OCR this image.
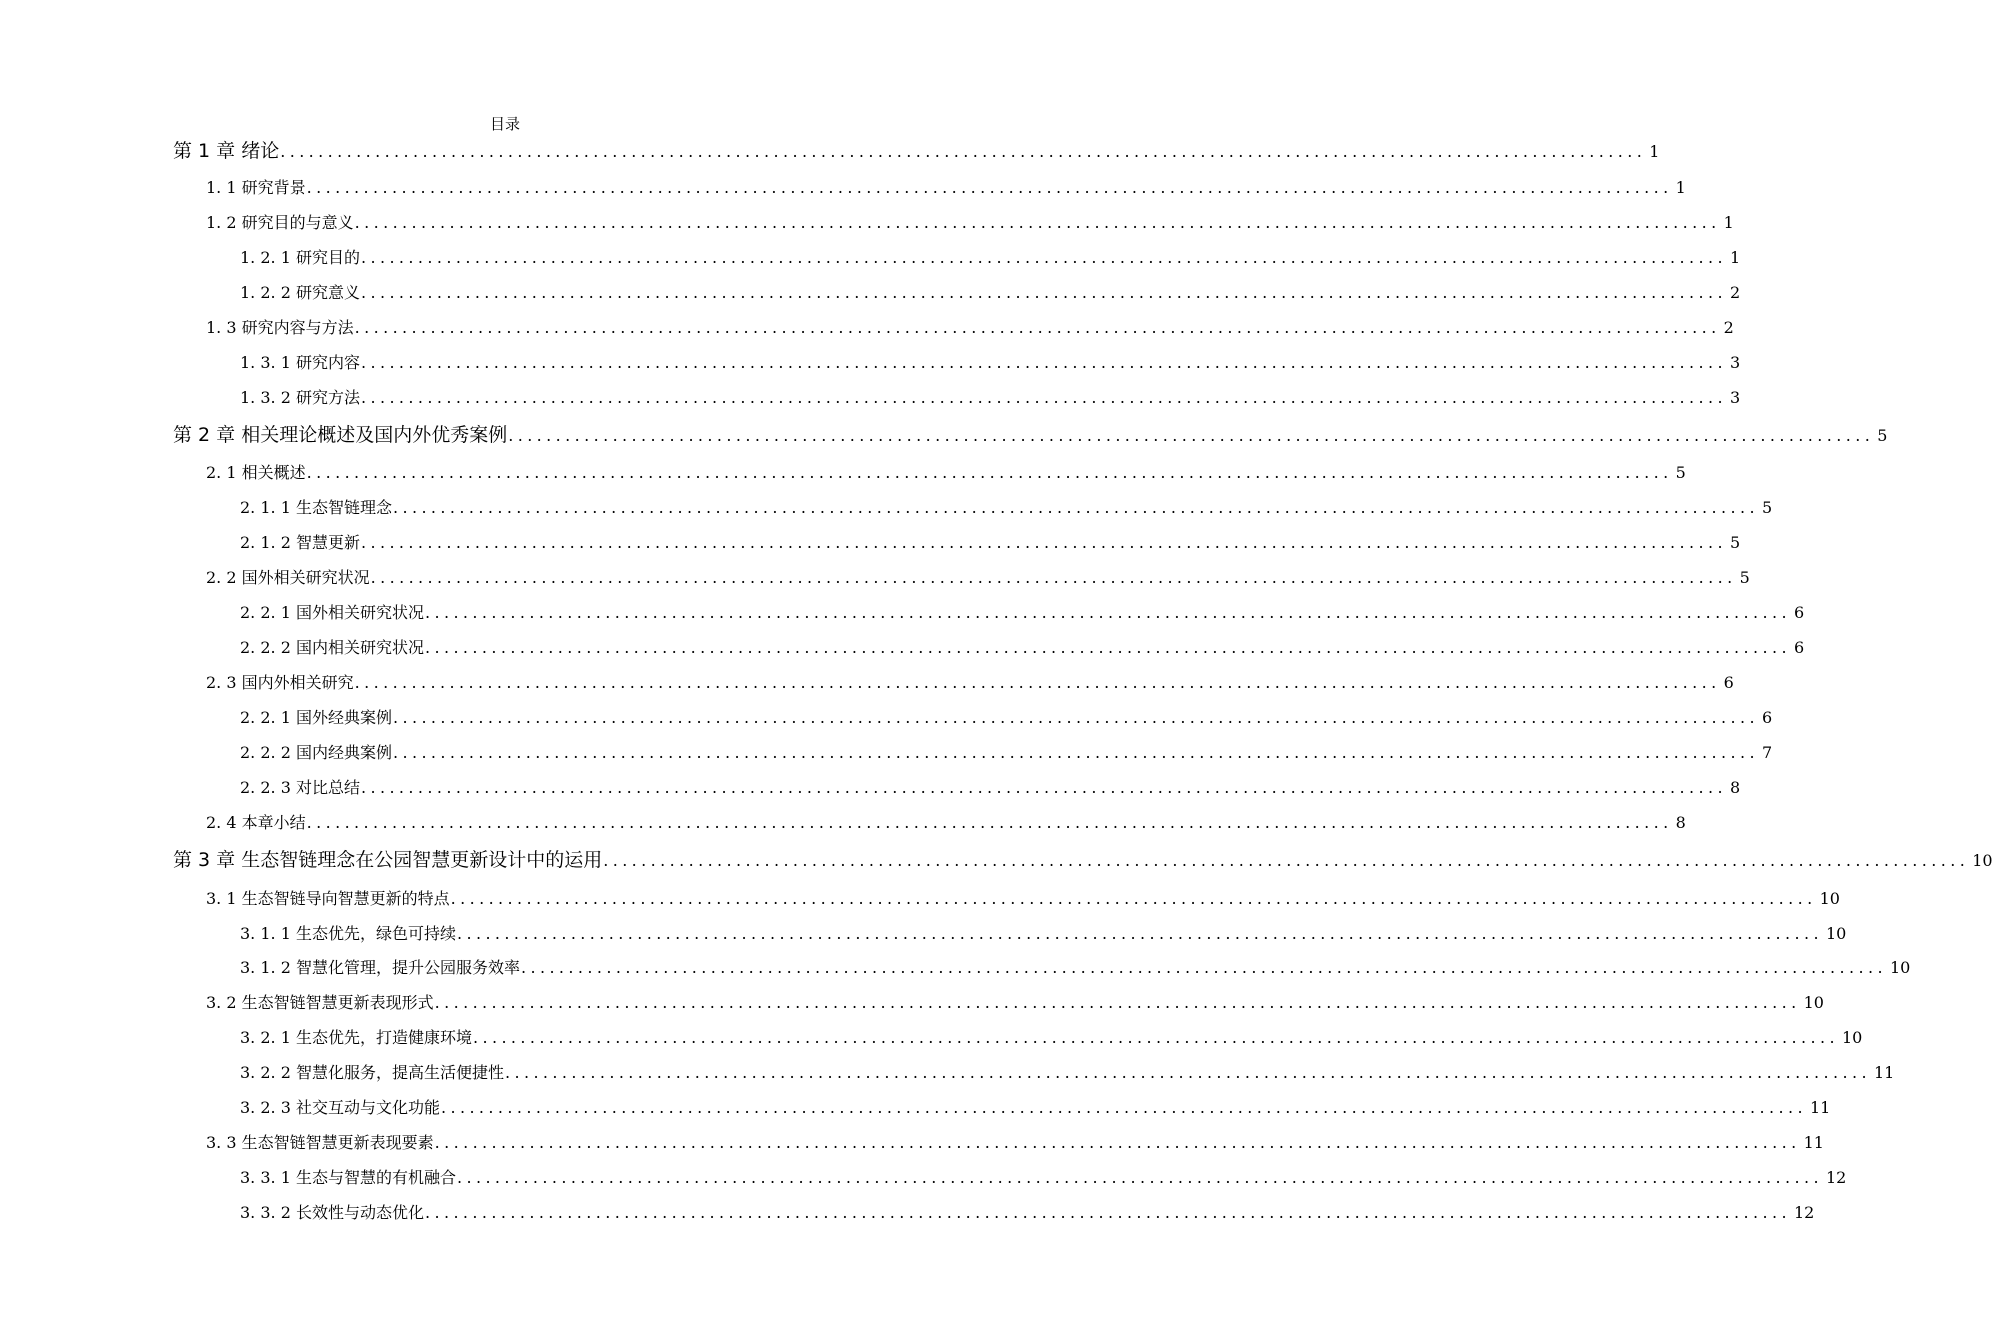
目录
第 1 章 绪论 ................................................................................................................................................ 1
1. 1 研究背景 ................................................................................................................................................ 1
1. 2 研究目的与意义 ................................................................................................................................................ 1
1. 2. 1 研究目的 ................................................................................................................................................ 1
1. 2. 2 研究意义 ................................................................................................................................................ 2
1. 3 研究内容与方法 ................................................................................................................................................ 2
1. 3. 1 研究内容 ................................................................................................................................................ 3
1. 3. 2 研究方法 ................................................................................................................................................ 3
第 2 章 相关理论概述及国内外优秀案例 ................................................................................................................................................ 5
2. 1 相关概述 ................................................................................................................................................ 5
2. 1. 1 生态智链理念 ................................................................................................................................................ 5
2. 1. 2 智慧更新 ................................................................................................................................................ 5
2. 2 国外相关研究状况 ................................................................................................................................................ 5
2. 2. 1 国外相关研究状况 ................................................................................................................................................ 6
2. 2. 2 国内相关研究状况 ................................................................................................................................................ 6
2. 3 国内外相关研究 ................................................................................................................................................ 6
2. 2. 1 国外经典案例 ................................................................................................................................................ 6
2. 2. 2 国内经典案例 ................................................................................................................................................ 7
2. 2. 3 对比总结 ................................................................................................................................................ 8
2. 4 本章小结 ................................................................................................................................................ 8
第 3 章 生态智链理念在公园智慧更新设计中的运用 ................................................................................................................................................ 10
3. 1 生态智链导向智慧更新的特点 ................................................................................................................................................ 10
3. 1. 1 生态优先，绿色可持续 ................................................................................................................................................ 10
3. 1. 2 智慧化管理，提升公园服务效率 ................................................................................................................................................ 10
3. 2 生态智链智慧更新表现形式 ................................................................................................................................................ 10
3. 2. 1 生态优先，打造健康环境 ................................................................................................................................................ 10
3. 2. 2 智慧化服务，提高生活便捷性 ................................................................................................................................................ 11
3. 2. 3 社交互动与文化功能 ................................................................................................................................................ 11
3. 3 生态智链智慧更新表现要素 ................................................................................................................................................ 11
3. 3. 1 生态与智慧的有机融合 ................................................................................................................................................ 12
3. 3. 2 长效性与动态优化 ................................................................................................................................................ 12
